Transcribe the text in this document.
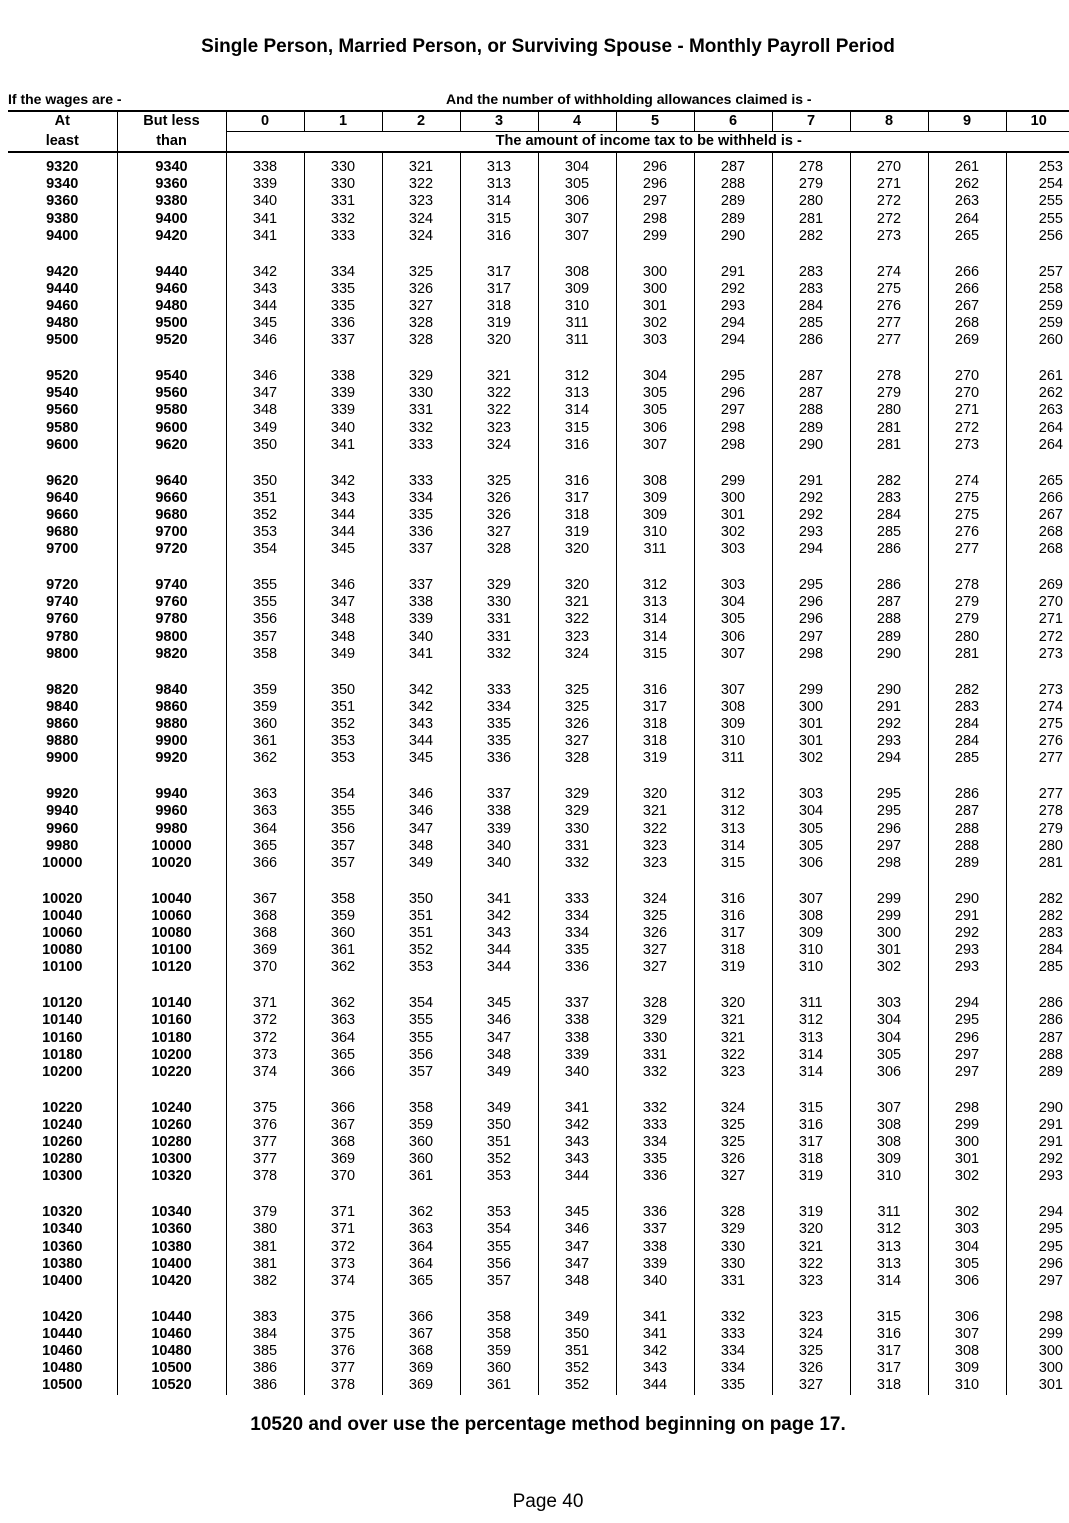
Single Person, Married Person, or Surviving Spouse - Monthly Payroll Period
If the wages are -	And the number of withholding allowances claimed is -
At	But less	0	1	2	3	4	5	6	7	8	9	10
least	than	The amount of income tax to be withheld is -										

9320	9340	338	330	321	313	304	296	287	278	270	261	253
9340	9360	339	330	322	313	305	296	288	279	271	262	254
9360	9380	340	331	323	314	306	297	289	280	272	263	255
9380	9400	341	332	324	315	307	298	289	281	272	264	255
9400	9420	341	333	324	316	307	299	290	282	273	265	256

9420	9440	342	334	325	317	308	300	291	283	274	266	257
9440	9460	343	335	326	317	309	300	292	283	275	266	258
9460	9480	344	335	327	318	310	301	293	284	276	267	259
9480	9500	345	336	328	319	311	302	294	285	277	268	259
9500	9520	346	337	328	320	311	303	294	286	277	269	260

9520	9540	346	338	329	321	312	304	295	287	278	270	261
9540	9560	347	339	330	322	313	305	296	287	279	270	262
9560	9580	348	339	331	322	314	305	297	288	280	271	263
9580	9600	349	340	332	323	315	306	298	289	281	272	264
9600	9620	350	341	333	324	316	307	298	290	281	273	264

9620	9640	350	342	333	325	316	308	299	291	282	274	265
9640	9660	351	343	334	326	317	309	300	292	283	275	266
9660	9680	352	344	335	326	318	309	301	292	284	275	267
9680	9700	353	344	336	327	319	310	302	293	285	276	268
9700	9720	354	345	337	328	320	311	303	294	286	277	268

9720	9740	355	346	337	329	320	312	303	295	286	278	269
9740	9760	355	347	338	330	321	313	304	296	287	279	270
9760	9780	356	348	339	331	322	314	305	296	288	279	271
9780	9800	357	348	340	331	323	314	306	297	289	280	272
9800	9820	358	349	341	332	324	315	307	298	290	281	273

9820	9840	359	350	342	333	325	316	307	299	290	282	273
9840	9860	359	351	342	334	325	317	308	300	291	283	274
9860	9880	360	352	343	335	326	318	309	301	292	284	275
9880	9900	361	353	344	335	327	318	310	301	293	284	276
9900	9920	362	353	345	336	328	319	311	302	294	285	277

9920	9940	363	354	346	337	329	320	312	303	295	286	277
9940	9960	363	355	346	338	329	321	312	304	295	287	278
9960	9980	364	356	347	339	330	322	313	305	296	288	279
9980	10000	365	357	348	340	331	323	314	305	297	288	280
10000	10020	366	357	349	340	332	323	315	306	298	289	281

10020	10040	367	358	350	341	333	324	316	307	299	290	282
10040	10060	368	359	351	342	334	325	316	308	299	291	282
10060	10080	368	360	351	343	334	326	317	309	300	292	283
10080	10100	369	361	352	344	335	327	318	310	301	293	284
10100	10120	370	362	353	344	336	327	319	310	302	293	285

10120	10140	371	362	354	345	337	328	320	311	303	294	286
10140	10160	372	363	355	346	338	329	321	312	304	295	286
10160	10180	372	364	355	347	338	330	321	313	304	296	287
10180	10200	373	365	356	348	339	331	322	314	305	297	288
10200	10220	374	366	357	349	340	332	323	314	306	297	289

10220	10240	375	366	358	349	341	332	324	315	307	298	290
10240	10260	376	367	359	350	342	333	325	316	308	299	291
10260	10280	377	368	360	351	343	334	325	317	308	300	291
10280	10300	377	369	360	352	343	335	326	318	309	301	292
10300	10320	378	370	361	353	344	336	327	319	310	302	293

10320	10340	379	371	362	353	345	336	328	319	311	302	294
10340	10360	380	371	363	354	346	337	329	320	312	303	295
10360	10380	381	372	364	355	347	338	330	321	313	304	295
10380	10400	381	373	364	356	347	339	330	322	313	305	296
10400	10420	382	374	365	357	348	340	331	323	314	306	297

10420	10440	383	375	366	358	349	341	332	323	315	306	298
10440	10460	384	375	367	358	350	341	333	324	316	307	299
10460	10480	385	376	368	359	351	342	334	325	317	308	300
10480	10500	386	377	369	360	352	343	334	326	317	309	300
10500	10520	386	378	369	361	352	344	335	327	318	310	301
10520 and over use the percentage method beginning on page 17.
Page 40
